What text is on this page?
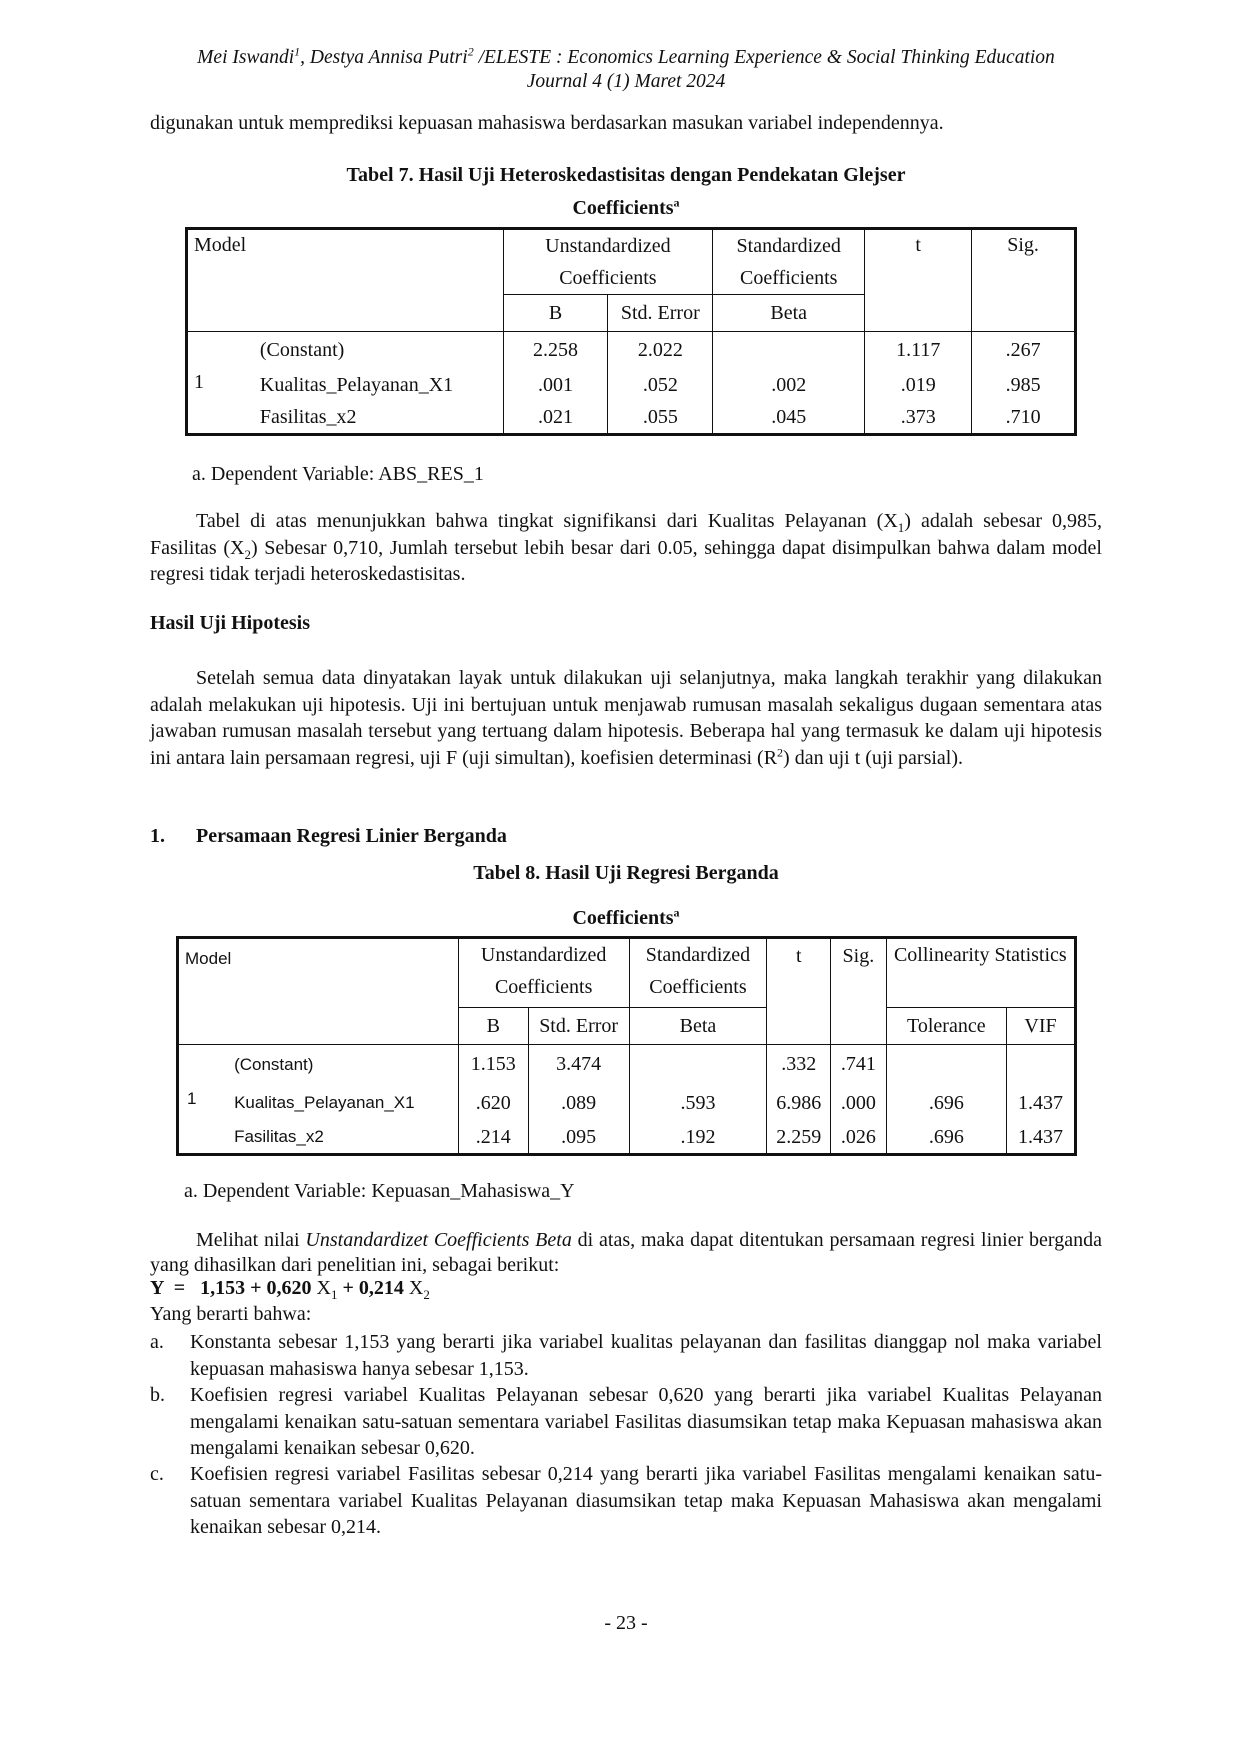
Mei Iswandi$^1$, Destya Annisa Putri$^2$ /ELESTE : Economics Learning Experience & Social Thinking Education
Journal 4 (1) Maret 2024
digunakan untuk memprediksi kepuasan mahasiswa berdasarkan masukan variabel independennya.
Tabel 7. Hasil Uji Heteroskedastisitas dengan Pendekatan Glejser
Coefficients$^a$
Model		Unstandardized Coefficients		Standardized Coefficients	t	Sig.
		B	Std. Error	Beta		
1	(Constant)	2.258	2.022		1.117	.267
	Kualitas_Pelayanan_X1	.001	.052	.002	.019	.985
	Fasilitas_x2	.021	.055	.045	.373	.710
a. Dependent Variable: ABS_RES_1
Tabel di atas menunjukkan bahwa tingkat signifikansi dari Kualitas Pelayanan $(X_1)$ adalah sebesar 0,985, Fasilitas $(X_2)$ Sebesar 0,710, Jumlah tersebut lebih besar dari 0.05, sehingga dapat disimpulkan bahwa dalam model regresi tidak terjadi heteroskedastisitas.
Hasil Uji Hipotesis
Setelah semua data dinyatakan layak untuk dilakukan uji selanjutnya, maka langkah terakhir yang dilakukan adalah melakukan uji hipotesis. Uji ini bertujuan untuk menjawab rumusan masalah sekaligus dugaan sementara atas jawaban rumusan masalah tersebut yang tertuang dalam hipotesis. Beberapa hal yang termasuk ke dalam uji hipotesis ini antara lain persamaan regresi, uji F (uji simultan), koefisien determinasi $(R^2)$ dan uji t (uji parsial).
1. Persamaan Regresi Linier Berganda
Tabel 8. Hasil Uji Regresi Berganda
Coefficients$^a$
Model		Unstandardized Coefficients		Standardized Coefficients	t	Sig.	Collinearity Statistics	
		B	Std. Error	Beta			Tolerance	VIF
1	(Constant)	1.153	3.474		.332	.741		
	Kualitas_Pelayanan_X1	.620	.089	.593	6.986	.000	.696	1.437
	Fasilitas_x2	.214	.095	.192	2.259	.026	.696	1.437
a. Dependent Variable: Kepuasan_Mahasiswa_Y
Melihat nilai Unstandardizet Coefficients Beta di atas, maka dapat ditentukan persamaan regresi linier berganda yang dihasilkan dari penelitian ini, sebagai berikut:
Y  =   1,153 + 0,620 $X_1 + 0,214$ $X_2$
Yang berarti bahwa:
a. Konstanta sebesar 1,153 yang berarti jika variabel kualitas pelayanan dan fasilitas dianggap nol maka variabel kepuasan mahasiswa hanya sebesar 1,153.
b. Koefisien regresi variabel Kualitas Pelayanan sebesar 0,620 yang berarti jika variabel Kualitas Pelayanan mengalami kenaikan satu-satuan sementara variabel Fasilitas diasumsikan tetap maka Kepuasan mahasiswa akan mengalami kenaikan sebesar 0,620.
c. Koefisien regresi variabel Fasilitas sebesar 0,214 yang berarti jika variabel Fasilitas mengalami kenaikan satu-satuan sementara variabel Kualitas Pelayanan diasumsikan tetap maka Kepuasan Mahasiswa akan mengalami kenaikan sebesar 0,214.
- 23 -
